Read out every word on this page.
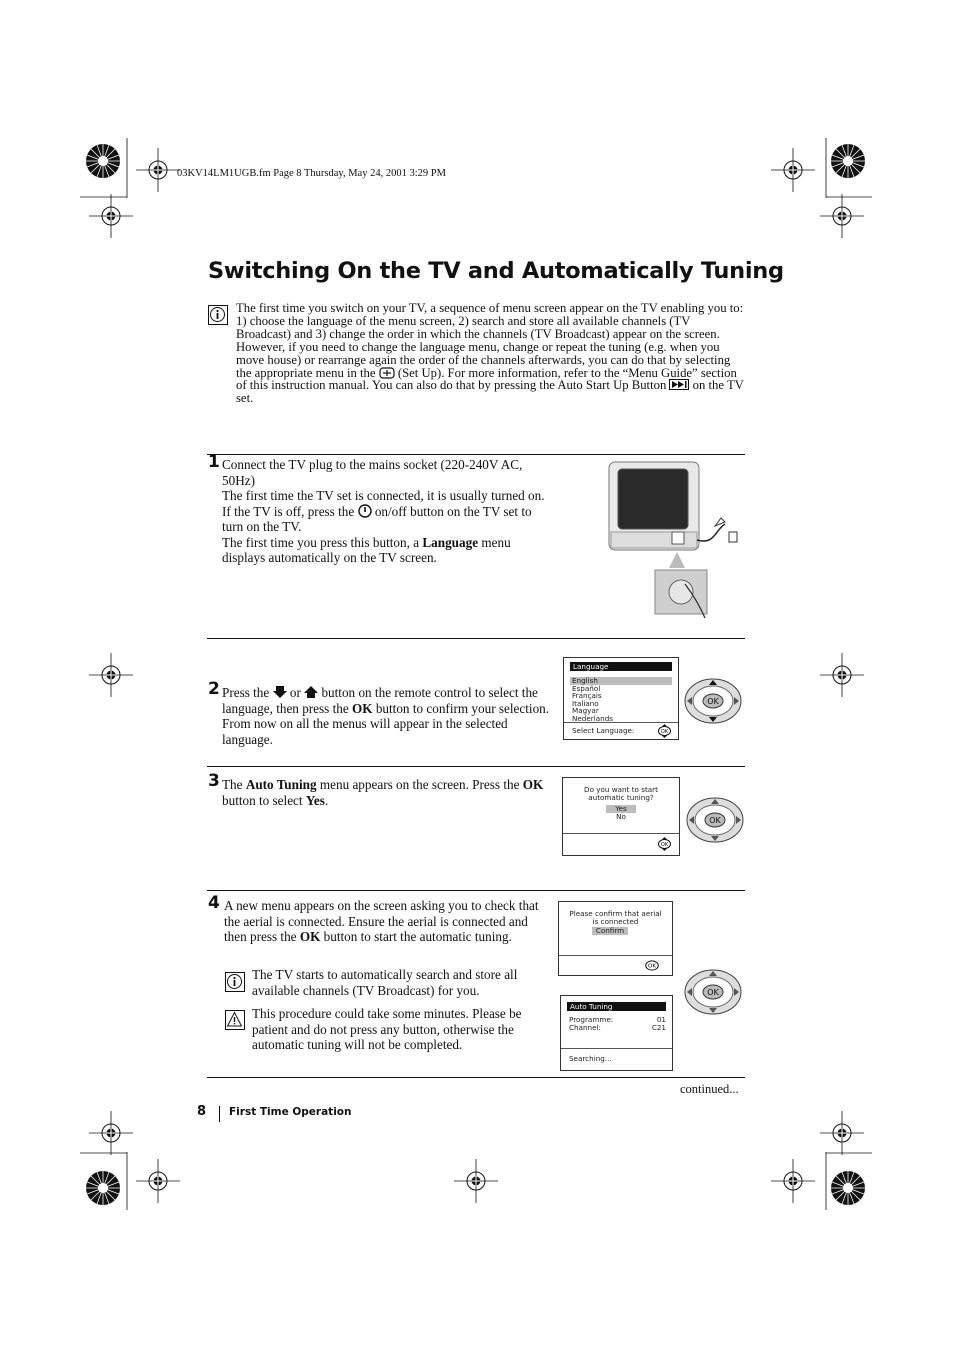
03KV14LM1UGB.fm Page 8 Thursday, May 24, 2001 3:29 PM
Switching On the TV and Automatically Tuning

The first time you switch on your TV, a sequence of menu screen appear on the TV enabling you to: 1) choose the language of the menu screen, 2) search and store all available channels (TV Broadcast) and 3) change the order in which the channels (TV Broadcast) appear on the screen.

However, if you need to change the language menu, change or repeat the tuning (e.g. when you move house) or rearrange again the order of the channels afterwards, you can do that by selecting the appropriate menu in the (Set Up). For more information, refer to the “Menu Guide” section of this instruction manual. You can also do that by pressing the Auto Start Up Button on the TV set.

1 Connect the TV plug to the mains socket (220-240V AC, 50Hz)
The first time the TV set is connected, it is usually turned on. If the TV is off, press the on/off button on the TV set to turn on the TV.
The first time you press this button, a Language menu displays automatically on the TV screen.
2 Press the or button on the remote control to select the language, then press the OK button to confirm your selection. From now on all the menus will appear in the selected language.
Language
English
Español
Français
Italiano
Magyar
Nederlands
Select Language:	OK
OK
3 The Auto Tuning menu appears on the screen. Press the OK button to select Yes.
Do you want to start automatic tuning?
Yes
No
OK
OK
4 A new menu appears on the screen asking you to check that the aerial is connected. Ensure the aerial is connected and then press the OK button to start the automatic tuning.
The TV starts to automatically search and store all available channels (TV Broadcast) for you.
This procedure could take some minutes. Please be patient and do not press any button, otherwise the automatic tuning will not be completed.
Please confirm that aerial is connected
Confirm
OK
Auto Tuning
Programme:	01
Channel:	C21
Searching...
OK
continued...
8 First Time Operation
